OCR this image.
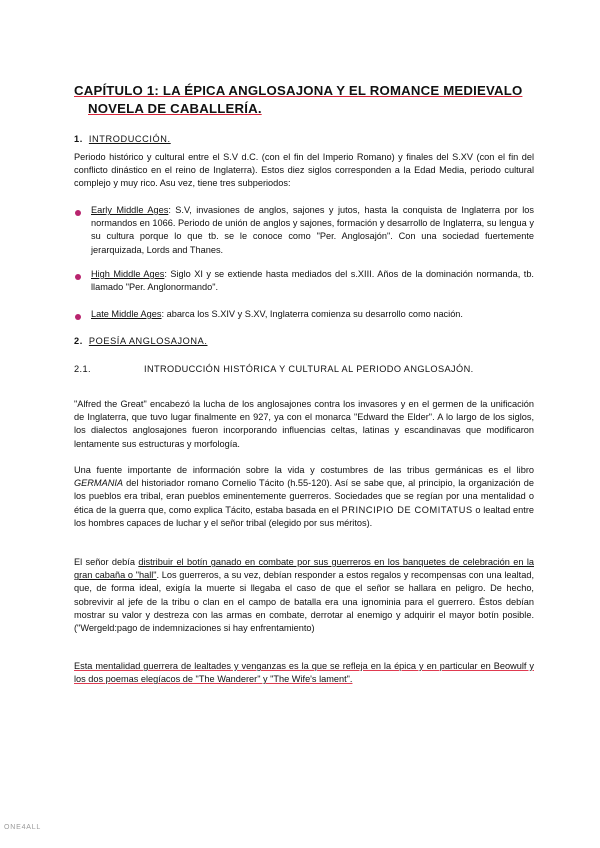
CAPÍTULO 1: LA ÉPICA ANGLOSAJONA Y EL ROMANCE MEDIEVALO
NOVELA DE CABALLERÍA.
1. INTRODUCCIÓN.
Periodo histórico y cultural entre el S.V d.C. (con el fin del Imperio Romano) y finales del S.XV (con el fin del conflicto dinástico en el reino de Inglaterra). Estos diez siglos corresponden a la Edad Media, periodo cultural complejo y muy rico. Asu vez, tiene tres subperiodos:
Early Middle Ages: S.V, invasiones de anglos, sajones y jutos, hasta la conquista de Inglaterra por los normandos en 1066. Periodo de unión de anglos y sajones, formación y desarrollo de Inglaterra, su lengua y su cultura porque lo que tb. se le conoce como "Per. Anglosajón". Con una sociedad fuertemente jerarquizada, Lords and Thanes.
High Middle Ages: Siglo XI y se extiende hasta mediados del s.XIII. Años de la dominación normanda, tb. llamado "Per. Anglonormando".
Late Middle Ages: abarca los S.XIV y S.XV, Inglaterra comienza su desarrollo como nación.
2. POESÍA ANGLOSAJONA.
2.1.	INTRODUCCIÓN HISTÓRICA Y CULTURAL AL PERIODO ANGLOSAJÓN.
"Alfred the Great" encabezó la lucha de los anglosajones contra los invasores y en el germen de la unificación de Inglaterra, que tuvo lugar finalmente en 927, ya con el monarca "Edward the Elder". A lo largo de los siglos, los dialectos anglosajones fueron incorporando influencias celtas, latinas y escandinavas que modificaron lentamente sus estructuras y morfología.
Una fuente importante de información sobre la vida y costumbres de las tribus germánicas es el libro GERMANIA del historiador romano Cornelio Tácito (h.55-120). Así se sabe que, al principio, la organización de los pueblos era tribal, eran pueblos eminentemente guerreros. Sociedades que se regían por una mentalidad o ética de la guerra que, como explica Tácito, estaba basada en el PRINCIPIO DE COMITATUS o lealtad entre los hombres capaces de luchar y el señor tribal (elegido por sus méritos).
El señor debía distribuir el botín ganado en combate por sus guerreros en los banquetes de celebración en la gran cabaña o "hall". Los guerreros, a su vez, debían responder a estos regalos y recompensas con una lealtad, que, de forma ideal, exigía la muerte si llegaba el caso de que el señor se hallara en peligro. De hecho, sobrevivir al jefe de la tribu o clan en el campo de batalla era una ignominia para el guerrero. Éstos debían mostrar su valor y destreza con las armas en combate, derrotar al enemigo y adquirir el mayor botín posible. ("Wergeld:pago de indemnizaciones si hay enfrentamiento)
Esta mentalidad guerrera de lealtades y venganzas es la que se refleja en la épica y en particular en Beowulf y los dos poemas elegíacos de "The Wanderer" y "The Wife's lament".
ONE4ALL
